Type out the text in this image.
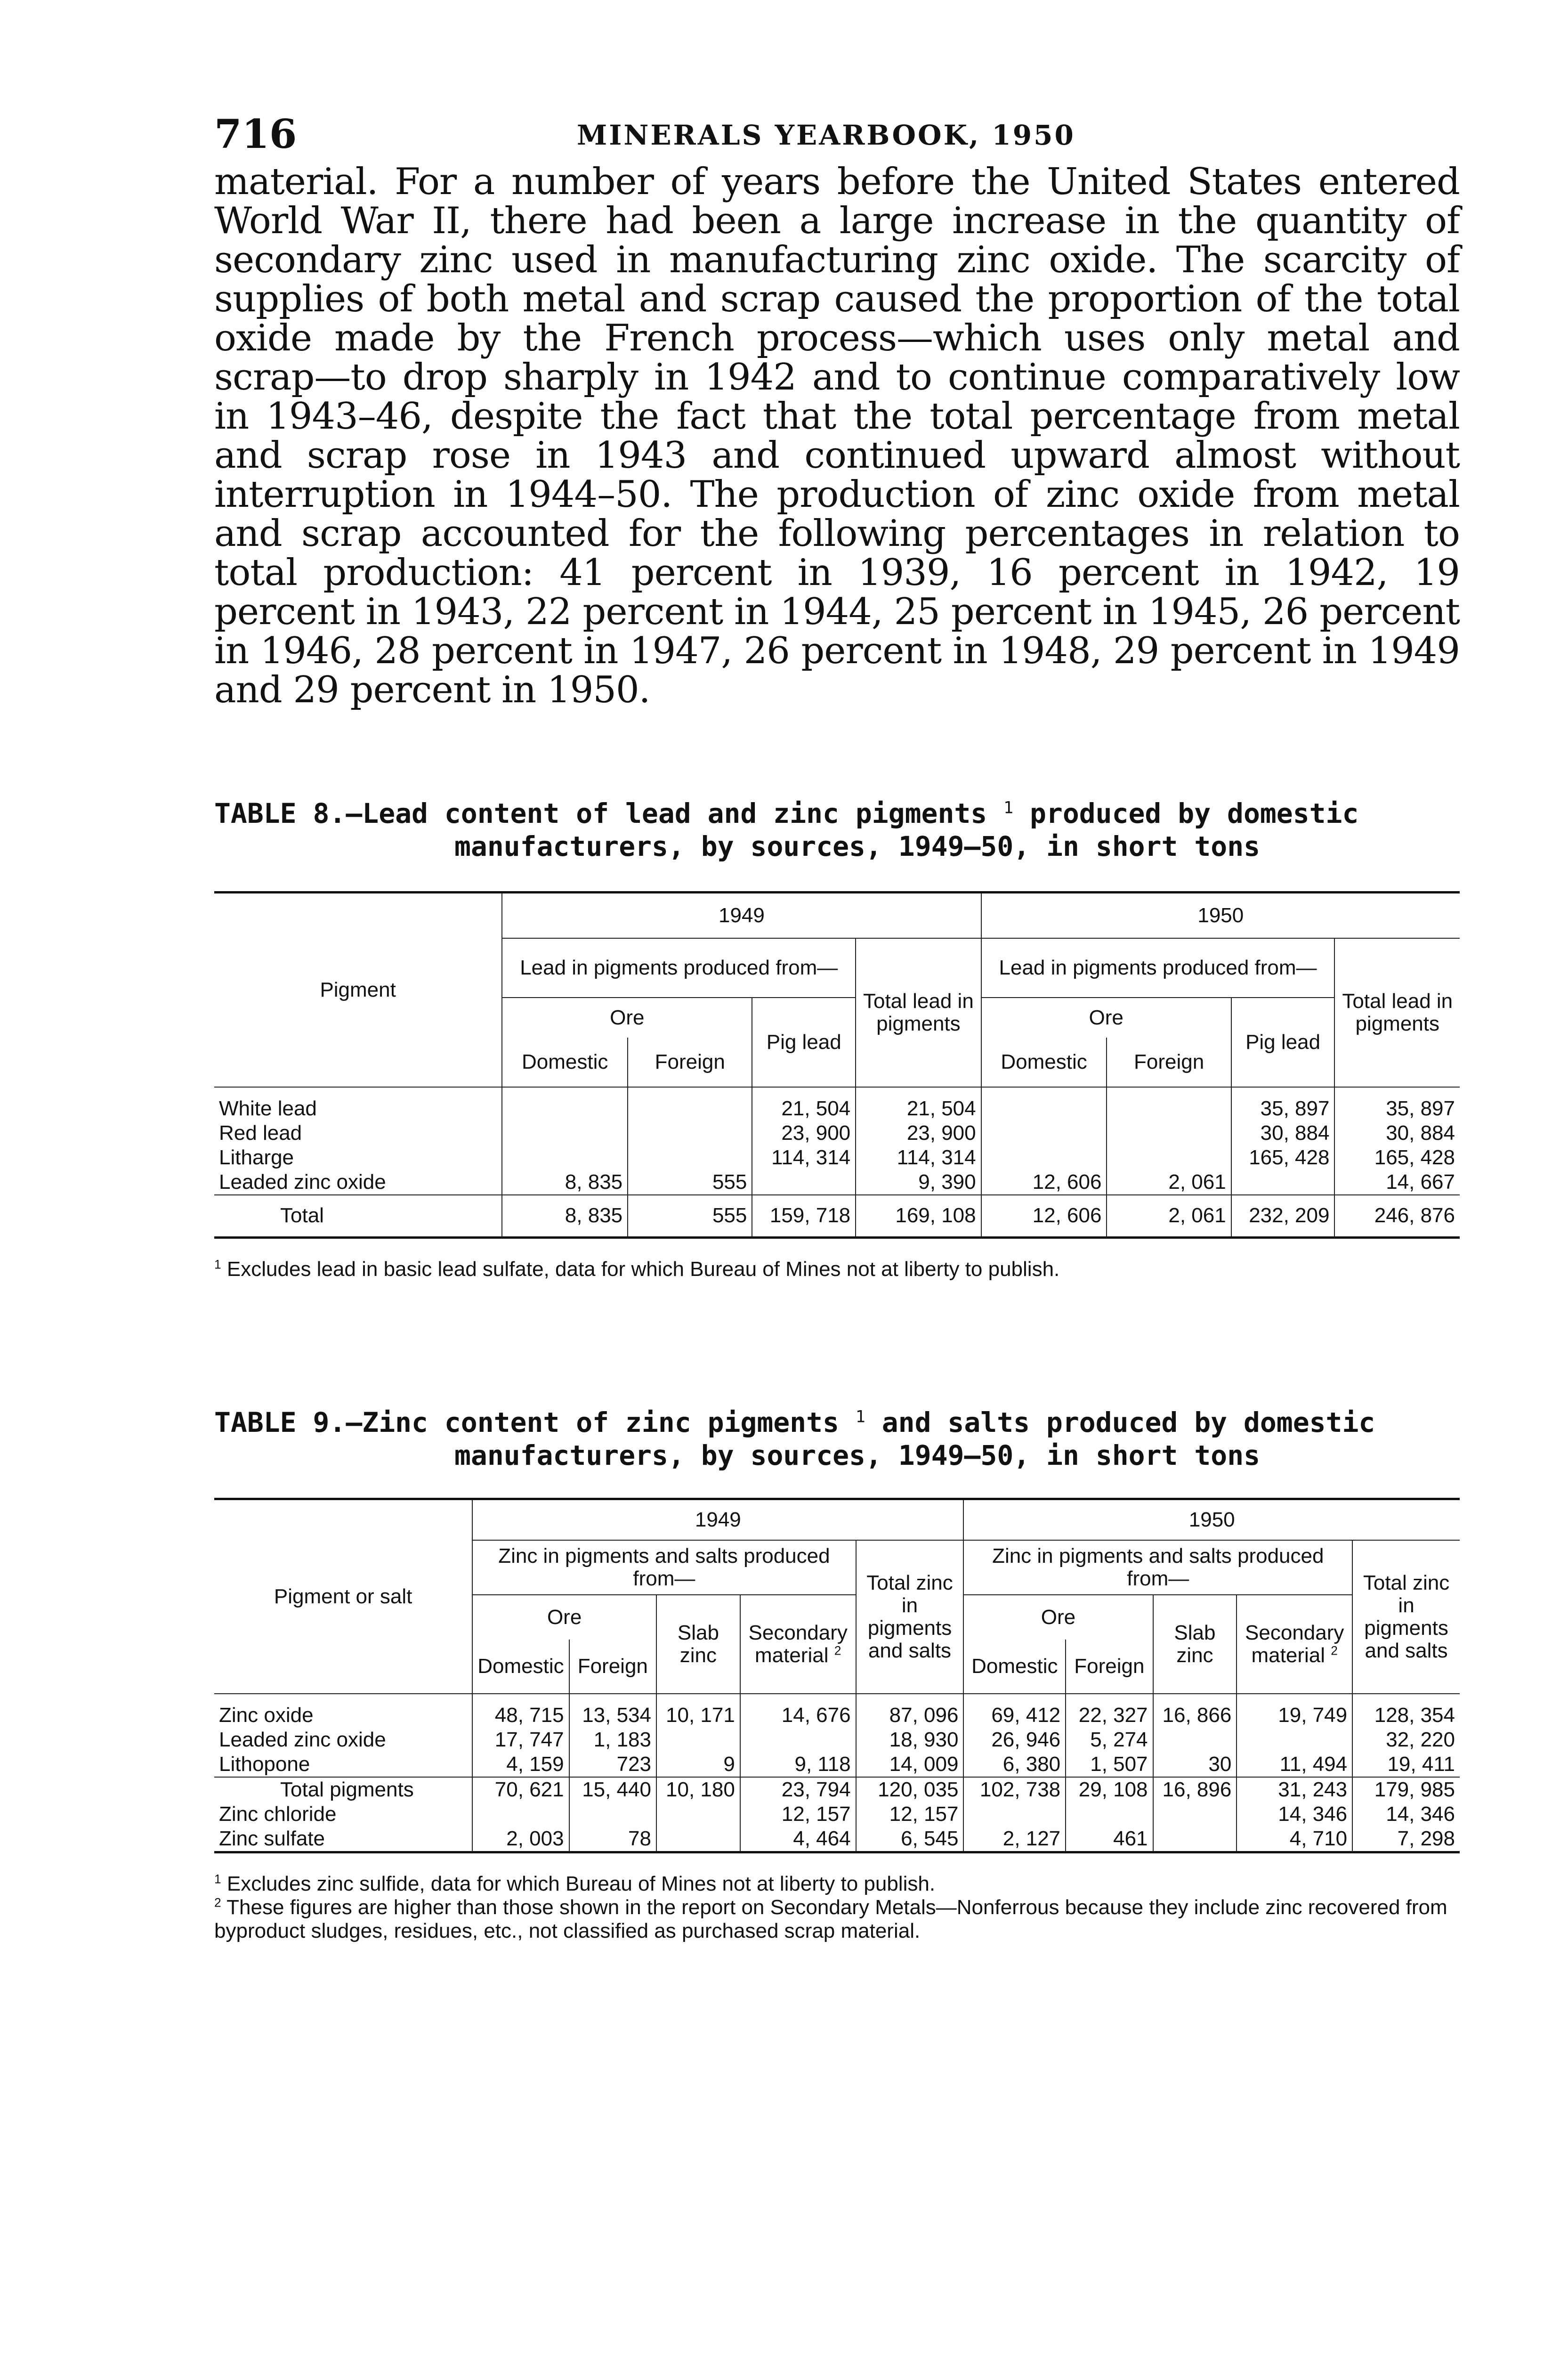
716	MINERALS YEARBOOK, 1950

material. For a number of years before the United States entered World War II, there had been a large increase in the quantity of secondary zinc used in manufacturing zinc oxide. The scarcity of supplies of both metal and scrap caused the proportion of the total oxide made by the French process—which uses only metal and scrap—to drop sharply in 1942 and to continue comparatively low in 1943–46, despite the fact that the total percentage from metal and scrap rose in 1943 and continued upward almost without interruption in 1944–50. The production of zinc oxide from metal and scrap accounted for the following percentages in relation to total production: 41 percent in 1939, 16 percent in 1942, 19 percent in 1943, 22 percent in 1944, 25 percent in 1945, 26 percent in 1946, 28 percent in 1947, 26 percent in 1948, 29 percent in 1949 and 29 percent in 1950.

TABLE 8.—Lead content of lead and zinc pigments $^1$ produced by domestic
manufacturers, by sources, 1949–50, in short tons

Pigment	1949				1950			
	Lead in pigments produced from—			Total lead in pigments	Lead in pigments produced from—			Total lead in pigments
	Ore		Pig lead		Ore		Pig lead	
	Domestic	Foreign			Domestic	Foreign		

White lead			21, 504	21, 504			35, 897	35, 897
Red lead			23, 900	23, 900			30, 884	30, 884
Litharge			114, 314	114, 314			165, 428	165, 428
Leaded zinc oxide	8, 835	555		9, 390	12, 606	2, 061		14, 667
Total	8, 835	555	159, 718	169, 108	12, 606	2, 061	232, 209	246, 876

$^1$ Excludes lead in basic lead sulfate, data for which Bureau of Mines not at liberty to publish.

TABLE 9.—Zinc content of zinc pigments $^1$ and salts produced by domestic
manufacturers, by sources, 1949–50, in short tons

Pigment or salt	1949					1950				
	Zinc in pigments and salts produced from—				Total zinc in pigments and salts	Zinc in pigments and salts produced from—				Total zinc in pigments and salts
	Ore		Slab zinc	Secondary material $^2$		Ore		Slab zinc	Secondary material $^2$
	Domestic	Foreign				Domestic	Foreign			

Zinc oxide	48, 715	13, 534	10, 171	14, 676	87, 096	69, 412	22, 327	16, 866	19, 749	128, 354
Leaded zinc oxide	17, 747	1, 183			18, 930	26, 946	5, 274			32, 220
Lithopone	4, 159	723	9	9, 118	14, 009	6, 380	1, 507	30	11, 494	19, 411
Total pigments	70, 621	15, 440	10, 180	23, 794	120, 035	102, 738	29, 108	16, 896	31, 243	179, 985
Zinc chloride				12, 157	12, 157				14, 346	14, 346
Zinc sulfate	2, 003	78		4, 464	6, 545	2, 127	461		4, 710	7, 298

$^1$ Excludes zinc sulfide, data for which Bureau of Mines not at liberty to publish.

$^2$ These figures are higher than those shown in the report on Secondary Metals—Nonferrous because they include zinc recovered from byproduct sludges, residues, etc., not classified as purchased scrap material.
